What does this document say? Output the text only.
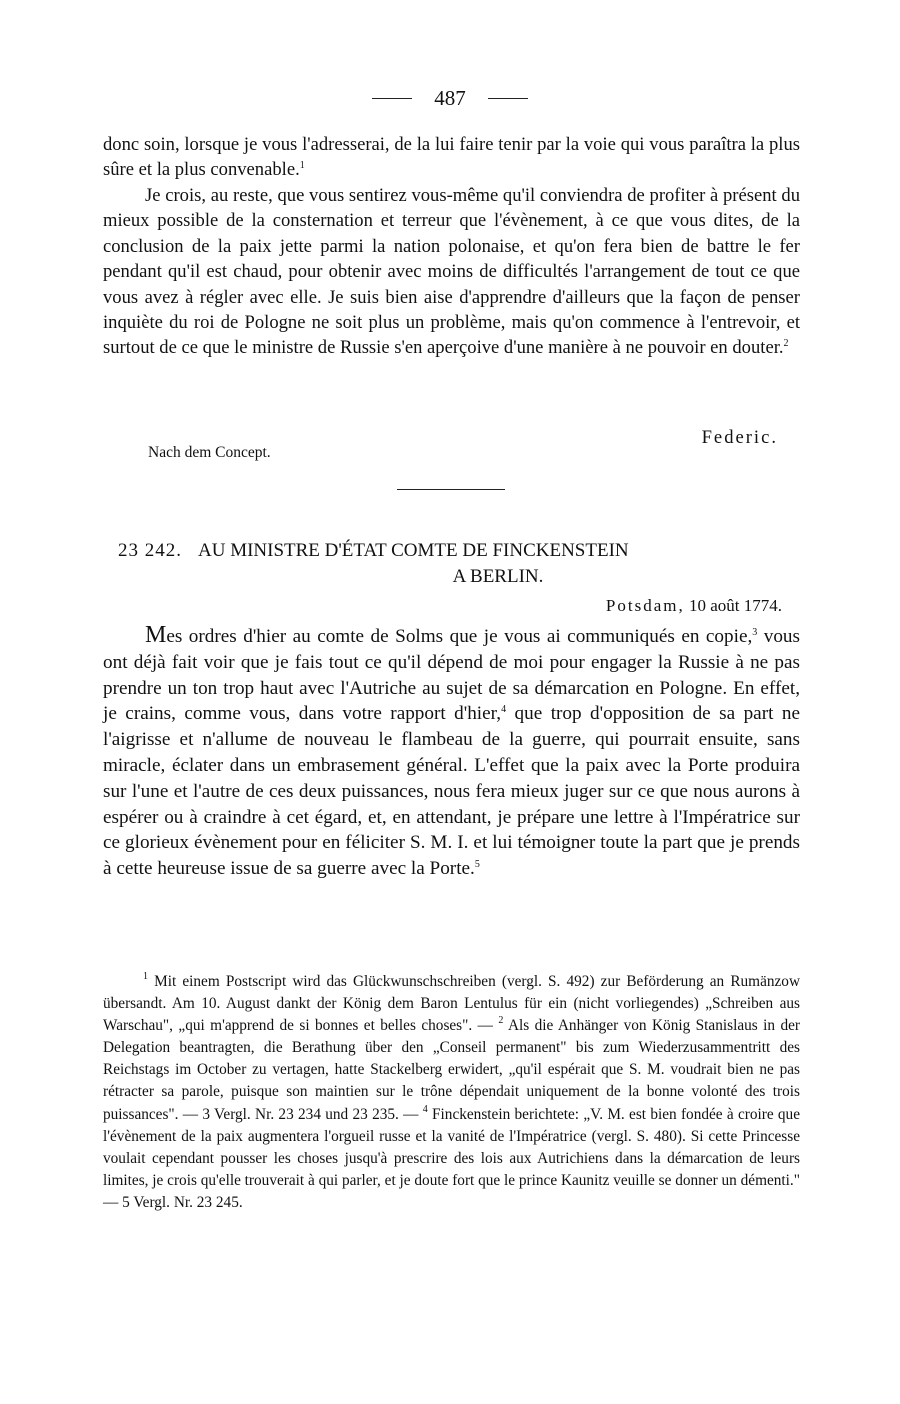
487

donc soin, lorsque je vous l'adresserai, de la lui faire tenir par la voie qui vous paraîtra la plus sûre et la plus convenable.$^1$

Je crois, au reste, que vous sentirez vous-même qu'il conviendra de profiter à présent du mieux possible de la consternation et terreur que l'évènement, à ce que vous dites, de la conclusion de la paix jette parmi la nation polonaise, et qu'on fera bien de battre le fer pendant qu'il est chaud, pour obtenir avec moins de difficultés l'arrangement de tout ce que vous avez à régler avec elle. Je suis bien aise d'apprendre d'ailleurs que la façon de penser inquiète du roi de Pologne ne soit plus un problème, mais qu'on commence à l'entrevoir, et surtout de ce que le ministre de Russie s'en aperçoive d'une manière à ne pouvoir en douter.$^2$

Federic.
Nach dem Concept.
23 242. AU MINISTRE D'ÉTAT COMTE DE FINCKENSTEIN
A BERLIN.
Potsdam, 10 août 1774.

Mes ordres d'hier au comte de Solms que je vous ai communiqués en copie,$^3$ vous ont déjà fait voir que je fais tout ce qu'il dépend de moi pour engager la Russie à ne pas prendre un ton trop haut avec l'Autriche au sujet de sa démarcation en Pologne. En effet, je crains, comme vous, dans votre rapport d'hier,$^4$ que trop d'opposition de sa part ne l'aigrisse et n'allume de nouveau le flambeau de la guerre, qui pourrait ensuite, sans miracle, éclater dans un embrasement général. L'effet que la paix avec la Porte produira sur l'une et l'autre de ces deux puissances, nous fera mieux juger sur ce que nous aurons à espérer ou à craindre à cet égard, et, en attendant, je prépare une lettre à l'Impératrice sur ce glorieux évènement pour en féliciter S. M. I. et lui témoigner toute la part que je prends à cette heureuse issue de sa guerre avec la Porte.$^5$

$^1$ Mit einem Postscript wird das Glückwunschschreiben (vergl. S. 492) zur Beförderung an Rumänzow übersandt. Am 10. August dankt der König dem Baron Lentulus für ein (nicht vorliegendes) „Schreiben aus Warschau", „qui m'apprend de si bonnes et belles choses". — $^2$ Als die Anhänger von König Stanislaus in der Delegation beantragten, die Berathung über den „Conseil permanent" bis zum Wiederzusammentritt des Reichstags im October zu vertagen, hatte Stackelberg erwidert, „qu'il espérait que S. M. voudrait bien ne pas rétracter sa parole, puisque son maintien sur le trône dépendait uniquement de la bonne volonté des trois puissances". — 3 Vergl. Nr. 23 234 und 23 235. — $^4$ Finckenstein berichtete: „V. M. est bien fondée à croire que l'évènement de la paix augmentera l'orgueil russe et la vanité de l'Impératrice (vergl. S. 480). Si cette Princesse voulait cependant pousser les choses jusqu'à prescrire des lois aux Autrichiens dans la démarcation de leurs limites, je crois qu'elle trouverait à qui parler, et je doute fort que le prince Kaunitz veuille se donner un démenti." — 5 Vergl. Nr. 23 245.
